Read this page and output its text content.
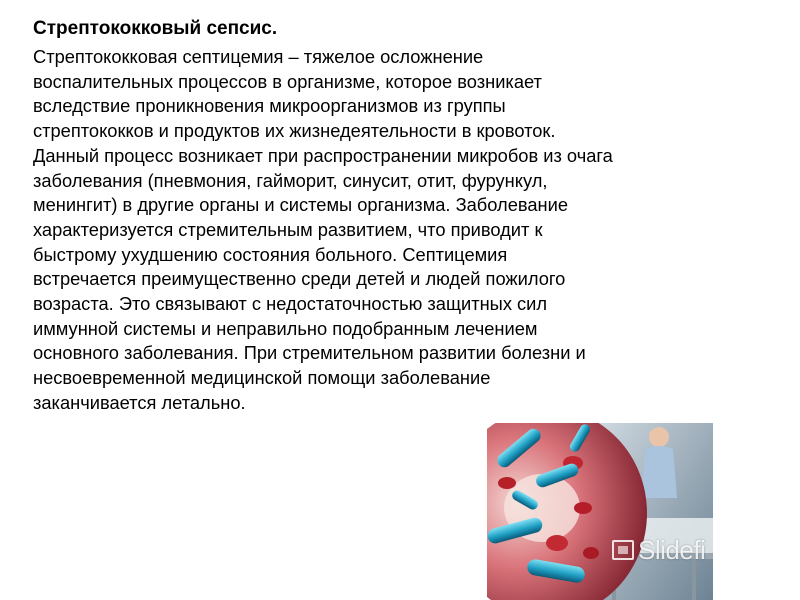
Стрептококковый сепсис.

Стрептококковая септицемия – тяжелое осложнение

воспалительных процессов в организме, которое возникает

вследствие проникновения микроорганизмов из группы

стрептококков и продуктов их жизнедеятельности в кровоток.

Данный процесс возникает при распространении микробов из очага

заболевания (пневмония, гайморит, синусит, отит, фурункул,

менингит) в другие органы и системы организма. Заболевание

характеризуется стремительным развитием, что приводит к

быстрому ухудшению состояния больного. Септицемия

встречается преимущественно среди детей и людей пожилого

возраста. Это связывают с недостаточностью защитных сил

иммунной системы и неправильно подобранным лечением

основного заболевания. При стремительном развитии болезни и

несвоевременной медицинской помощи заболевание

заканчивается летально.

Slidefi
